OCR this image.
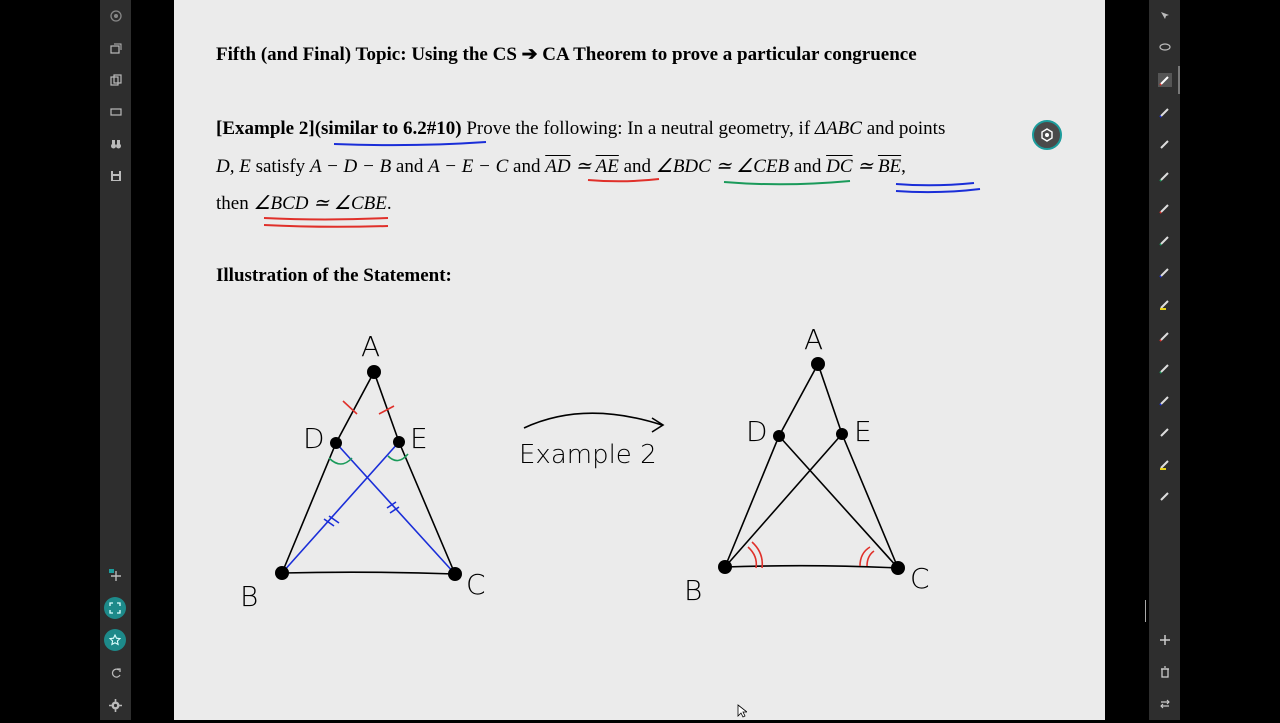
Fifth (and Final) Topic: Using the CS ➔ CA Theorem to prove a particular congruence
[Example 2](similar to 6.2#10) Prove the following: In a neutral geometry, if ΔABC and points
D, E satisfy A − D − B and A − E − C and $\overline{AD}$ ≃ $\overline{AE}$ and ∠BDC ≃ ∠CEB and $\overline{DC}$ ≃ $\overline{BE}$,
then ∠BCD ≃ ∠CBE.
Illustration of the Statement:
A
D	E
B	C
A
D	E
B	C
Example 2
